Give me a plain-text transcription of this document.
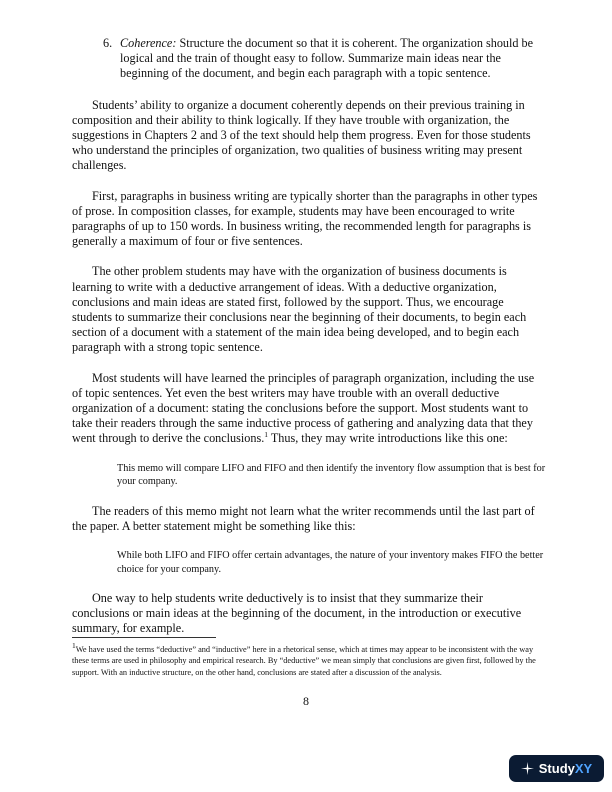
6. Coherence: Structure the document so that it is coherent. The organization should be logical and the train of thought easy to follow. Summarize main ideas near the beginning of the document, and begin each paragraph with a topic sentence.

Students’ ability to organize a document coherently depends on their previous training in composition and their ability to think logically. If they have trouble with organization, the suggestions in Chapters 2 and 3 of the text should help them progress. Even for those students who understand the principles of organization, two qualities of business writing may present challenges.

First, paragraphs in business writing are typically shorter than the paragraphs in other types of prose. In composition classes, for example, students may have been encouraged to write paragraphs of up to 150 words. In business writing, the recommended length for paragraphs is generally a maximum of four or five sentences.

The other problem students may have with the organization of business documents is learning to write with a deductive arrangement of ideas. With a deductive organization, conclusions and main ideas are stated first, followed by the support. Thus, we encourage students to summarize their conclusions near the beginning of their documents, to begin each section of a document with a statement of the main idea being developed, and to begin each paragraph with a strong topic sentence.

Most students will have learned the principles of paragraph organization, including the use of topic sentences. Yet even the best writers may have trouble with an overall deductive organization of a document: stating the conclusions before the support. Most students want to take their readers through the same inductive process of gathering and analyzing data that they went through to derive the conclusions.$^1$ Thus, they may write introductions like this one:

This memo will compare LIFO and FIFO and then identify the inventory flow assumption that is best for your company.

The readers of this memo might not learn what the writer recommends until the last part of the paper. A better statement might be something like this:

While both LIFO and FIFO offer certain advantages, the nature of your inventory makes FIFO the better choice for your company.

One way to help students write deductively is to insist that they summarize their conclusions or main ideas at the beginning of the document, in the introduction or executive summary, for example.

$^1$We have used the terms “deductive” and “inductive” here in a rhetorical sense, which at times may appear to be inconsistent with the way these terms are used in philosophy and empirical research. By “deductive” we mean simply that conclusions are given first, followed by the support. With an inductive structure, on the other hand, conclusions are stated after a discussion of the analysis.
8
StudyXY
